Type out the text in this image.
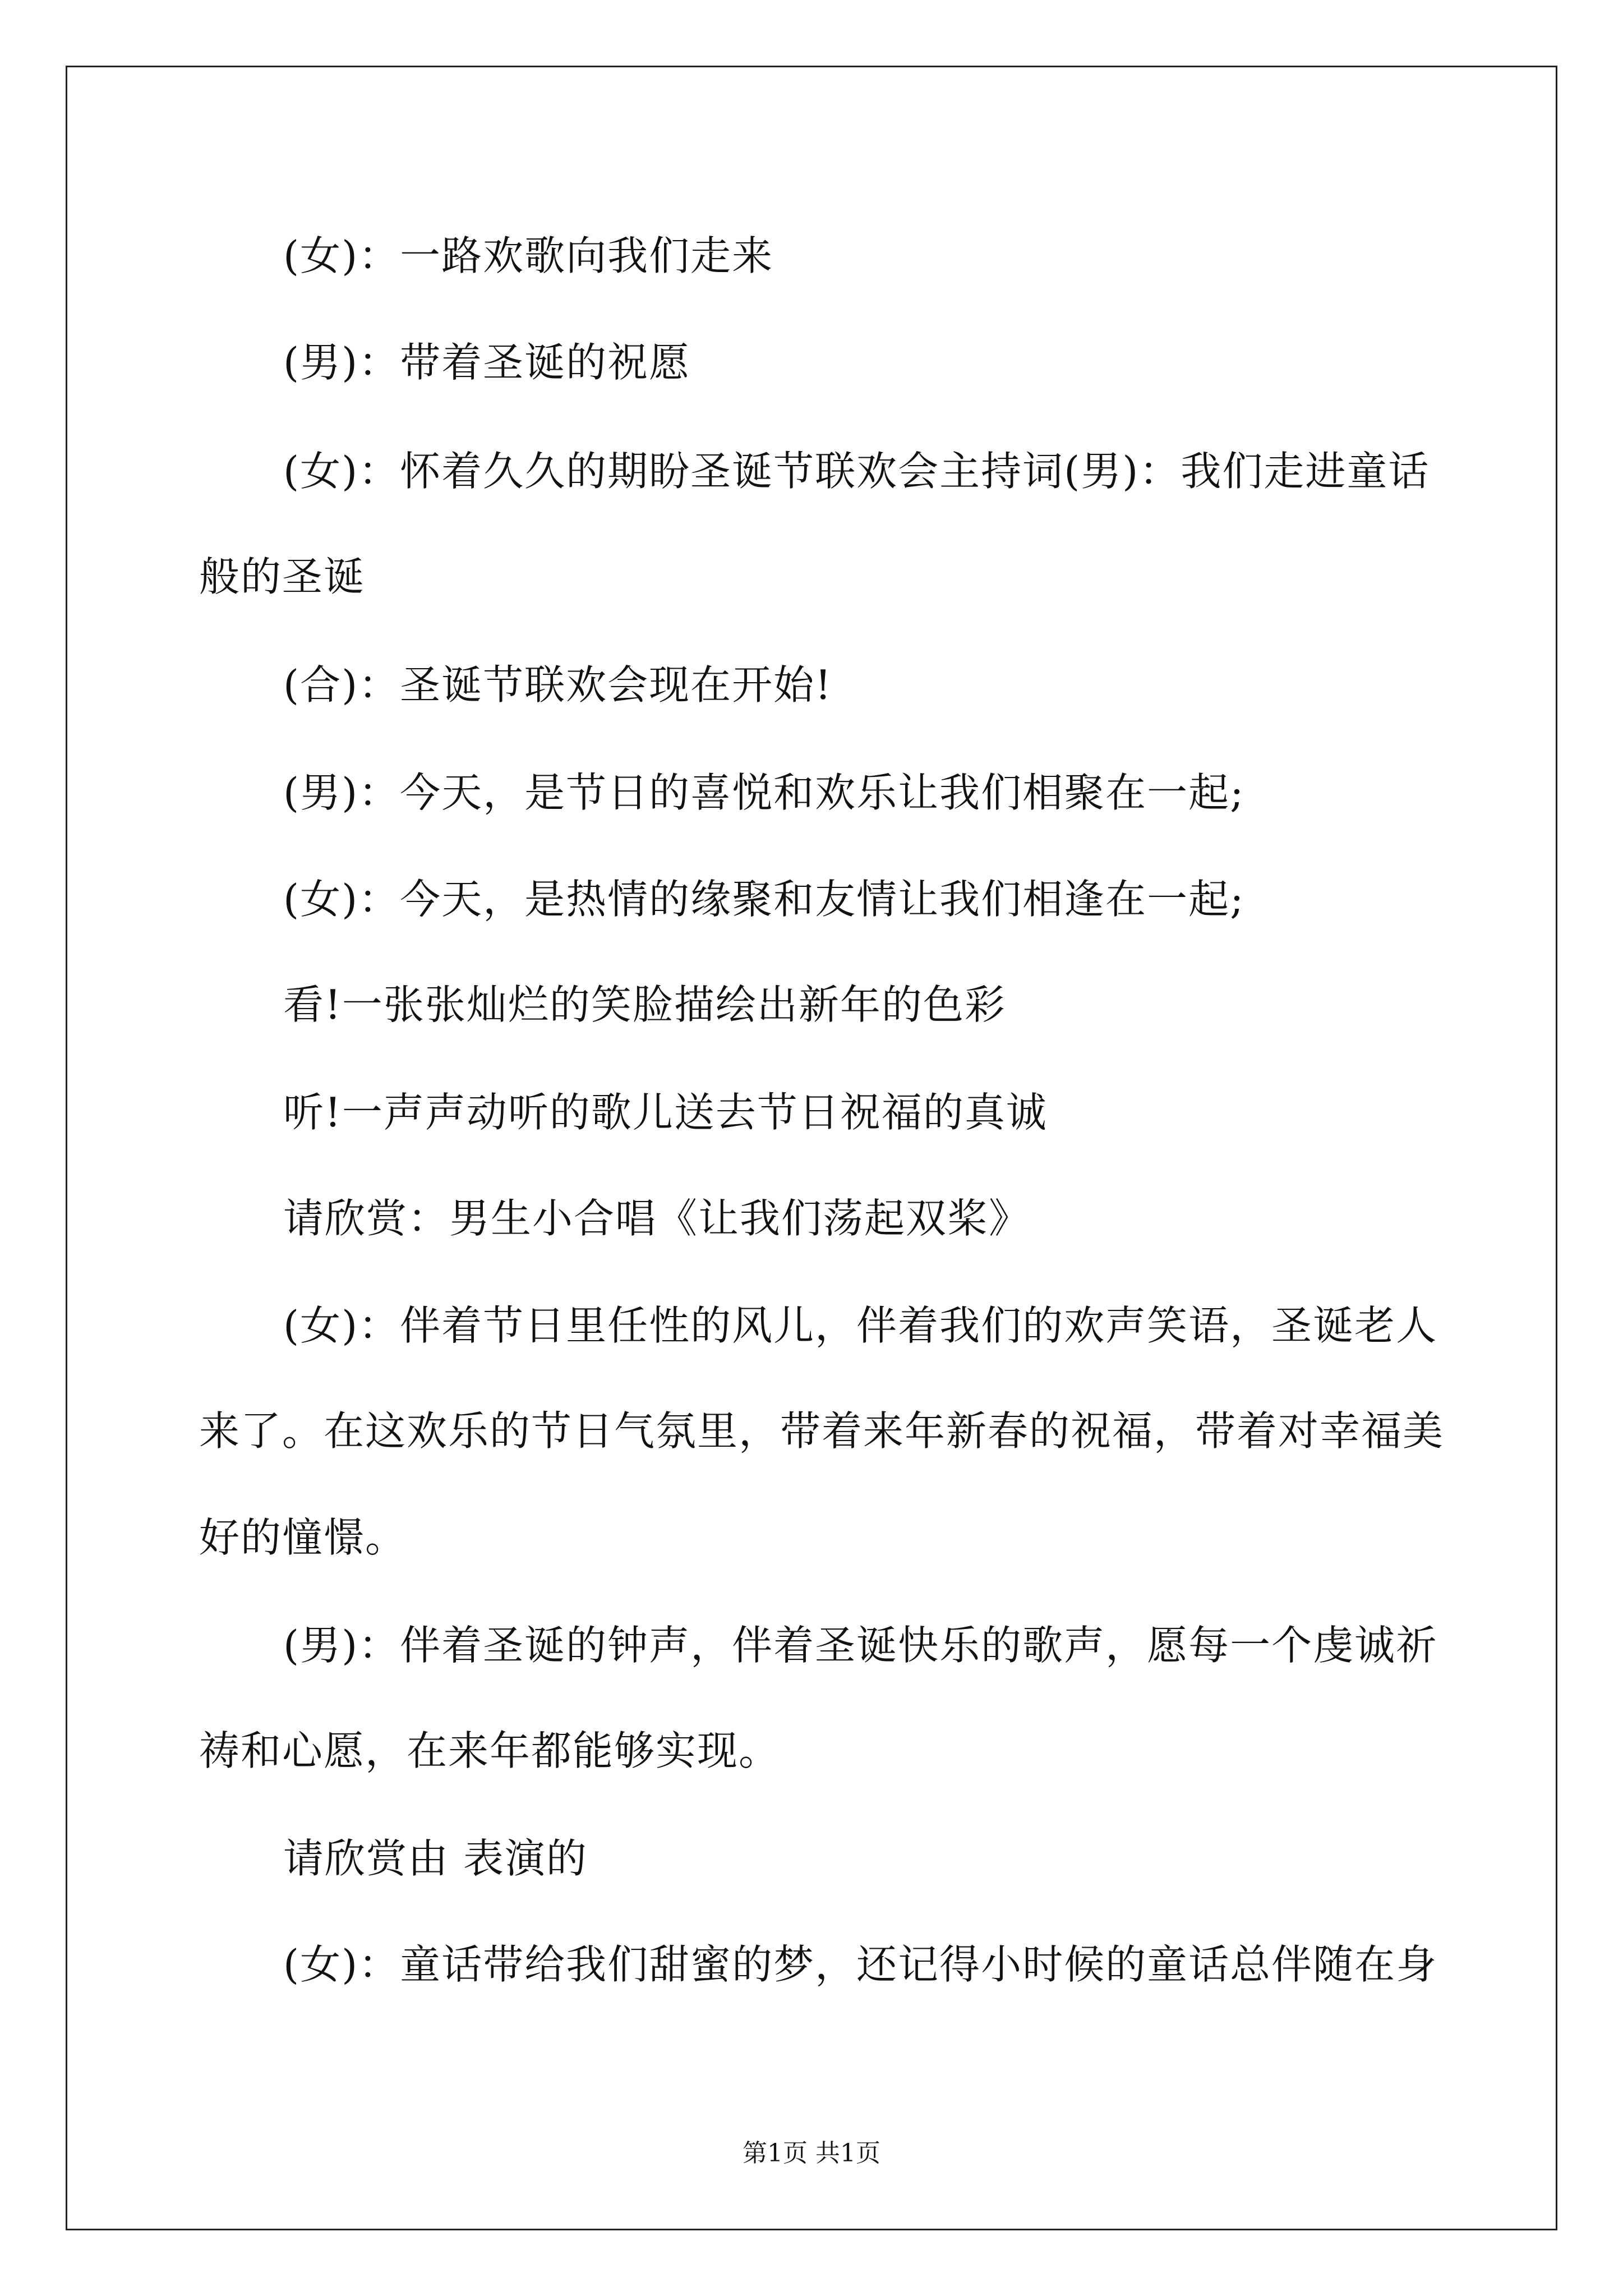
(女)：一路欢歌向我们走来

(男)：带着圣诞的祝愿

(女)：怀着久久的期盼圣诞节联欢会主持词(男)：我们走进童话

般的圣诞

(合)：圣诞节联欢会现在开始!

(男)：今天，是节日的喜悦和欢乐让我们相聚在一起;

(女)：今天，是热情的缘聚和友情让我们相逢在一起;

看!一张张灿烂的笑脸描绘出新年的色彩

听!一声声动听的歌儿送去节日祝福的真诚

请欣赏：男生小合唱《让我们荡起双桨》

(女)：伴着节日里任性的风儿，伴着我们的欢声笑语，圣诞老人

来了。在这欢乐的节日气氛里，带着来年新春的祝福，带着对幸福美

好的憧憬。

(男)：伴着圣诞的钟声，伴着圣诞快乐的歌声，愿每一个虔诚祈

祷和心愿，在来年都能够实现。

请欣赏由 表演的

(女)：童话带给我们甜蜜的梦，还记得小时候的童话总伴随在身

第1页 共1页
